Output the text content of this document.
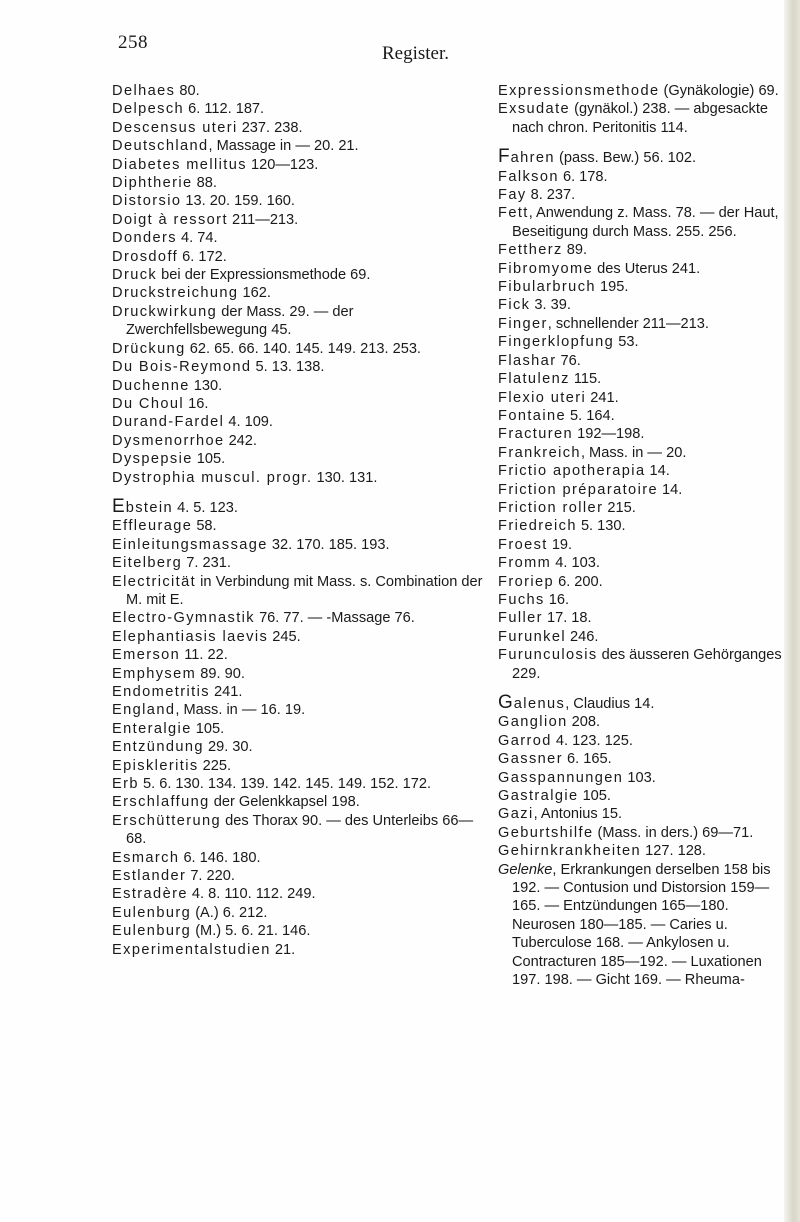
258
Register.

Delhaes 80.

Delpesch 6. 112. 187.

Descensus uteri 237. 238.

Deutschland, Massage in — 20. 21.

Diabetes mellitus 120—123.

Diphtherie 88.

Distorsio 13. 20. 159. 160.

Doigt à ressort 211—213.

Donders 4. 74.

Drosdoff 6. 172.

Druck bei der Expressionsmethode 69.

Druckstreichung 162.

Druckwirkung der Mass. 29. — der Zwerchfellsbewegung 45.

Drückung 62. 65. 66. 140. 145. 149. 213. 253.

Du Bois-Reymond 5. 13. 138.

Duchenne 130.

Du Choul 16.

Durand-Fardel 4. 109.

Dysmenorrhoe 242.

Dyspepsie 105.

Dystrophia muscul. progr. 130. 131.

Ebstein 4. 5. 123.

Effleurage 58.

Einleitungsmassage 32. 170. 185. 193.

Eitelberg 7. 231.

Electricität in Verbindung mit Mass. s. Combination der M. mit E.

Electro-Gymnastik 76. 77. — -Massage 76.

Elephantiasis laevis 245.

Emerson 11. 22.

Emphysem 89. 90.

Endometritis 241.

England, Mass. in — 16. 19.

Enteralgie 105.

Entzündung 29. 30.

Episkleritis 225.

Erb 5. 6. 130. 134. 139. 142. 145. 149. 152. 172.

Erschlaffung der Gelenkkapsel 198.

Erschütterung des Thorax 90. — des Unterleibs 66—68.

Esmarch 6. 146. 180.

Estlander 7. 220.

Estradère 4. 8. 110. 112. 249.

Eulenburg (A.) 6. 212.

Eulenburg (M.) 5. 6. 21. 146.

Experimentalstudien 21.

Expressionsmethode (Gynäkologie) 69.

Exsudate (gynäkol.) 238. — abgesackte nach chron. Peritonitis 114.

Fahren (pass. Bew.) 56. 102.

Falkson 6. 178.

Fay 8. 237.

Fett, Anwendung z. Mass. 78. — der Haut, Beseitigung durch Mass. 255. 256.

Fettherz 89.

Fibromyome des Uterus 241.

Fibularbruch 195.

Fick 3. 39.

Finger, schnellender 211—213.

Fingerklopfung 53.

Flashar 76.

Flatulenz 115.

Flexio uteri 241.

Fontaine 5. 164.

Fracturen 192—198.

Frankreich, Mass. in — 20.

Frictio apotherapia 14.

Friction préparatoire 14.

Friction roller 215.

Friedreich 5. 130.

Froest 19.

Fromm 4. 103.

Froriep 6. 200.

Fuchs 16.

Fuller 17. 18.

Furunkel 246.

Furunculosis des äusseren Gehörganges 229.

Galenus, Claudius 14.

Ganglion 208.

Garrod 4. 123. 125.

Gassner 6. 165.

Gasspannungen 103.

Gastralgie 105.

Gazi, Antonius 15.

Geburtshilfe (Mass. in ders.) 69—71.

Gehirnkrankheiten 127. 128.

Gelenke, Erkrankungen derselben 158 bis 192. — Contusion und Distorsion 159—165. — Entzündungen 165—180. Neurosen 180—185. — Caries u. Tuberculose 168. — Ankylosen u. Contracturen 185—192. — Luxationen 197. 198. — Gicht 169. — Rheuma-
